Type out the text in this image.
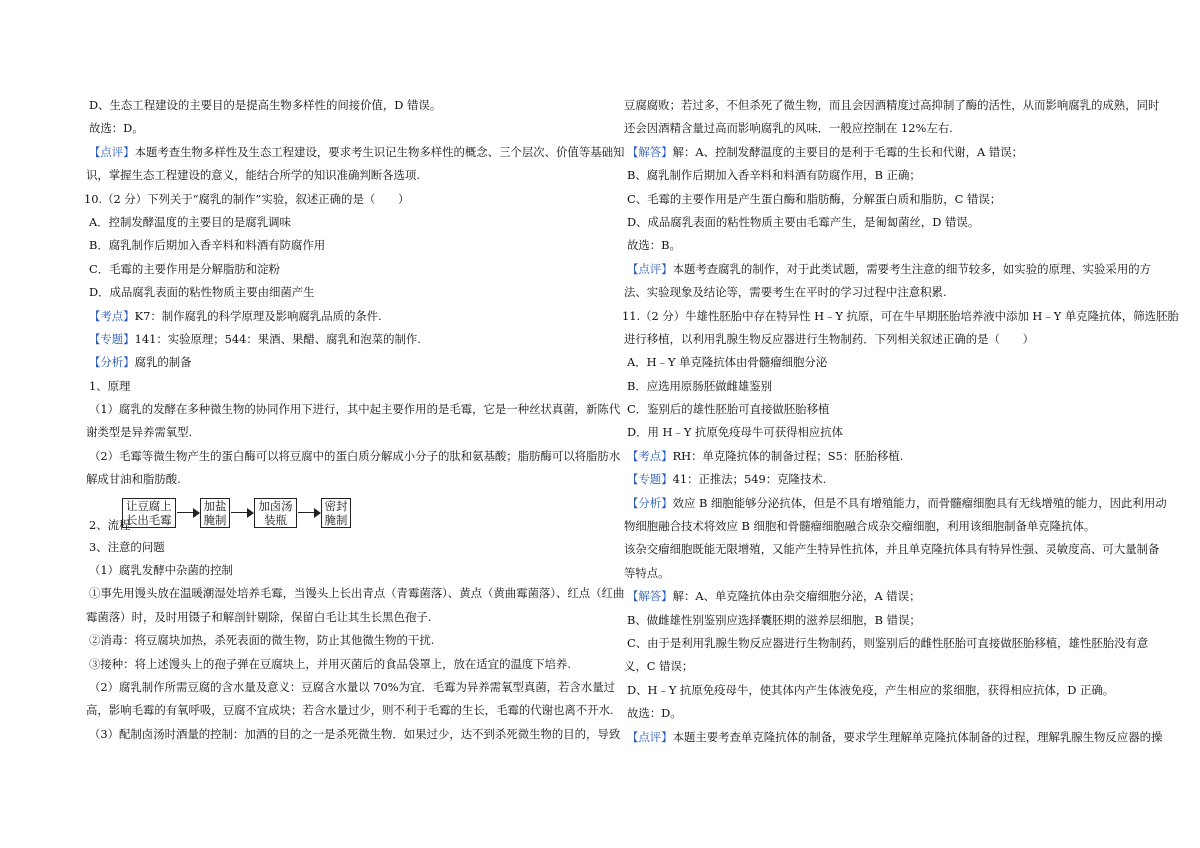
D、生态工程建设的主要目的是提高生物多样性的间接价值，D 错误。
故选：D。
【点评】本题考查生物多样性及生态工程建设，要求考生识记生物多样性的概念、三个层次、价值等基础知
识，掌握生态工程建设的意义，能结合所学的知识准确判断各选项.
10.（2 分）下列关于“腐乳的制作”实验，叙述正确的是（　　）
A．控制发酵温度的主要目的是腐乳调味
B．腐乳制作后期加入香辛料和料酒有防腐作用
C．毛霉的主要作用是分解脂肪和淀粉
D．成品腐乳表面的粘性物质主要由细菌产生
【考点】K7：制作腐乳的科学原理及影响腐乳品质的条件.
【专题】141：实验原理；544：果酒、果醋、腐乳和泡菜的制作.
【分析】腐乳的制备
1、原理
（1）腐乳的发酵在多种微生物的协同作用下进行，其中起主要作用的是毛霉，它是一种丝状真菌，新陈代
谢类型是异养需氧型.
（2）毛霉等微生物产生的蛋白酶可以将豆腐中的蛋白质分解成小分子的肽和氨基酸；脂肪酶可以将脂肪水
解成甘油和脂肪酸.
2、流程
让豆腐上
长出毛霉
加盐
腌制
加卤汤
装瓶
密封
腌制
3、注意的问题
（1）腐乳发酵中杂菌的控制
①事先用馒头放在温暖潮湿处培养毛霉，当馒头上长出青点（青霉菌落）、黄点（黄曲霉菌落）、红点（红曲
霉菌落）时，及时用镊子和解剖针剔除，保留白毛让其生长黑色孢子.
②消毒：将豆腐块加热，杀死表面的微生物，防止其他微生物的干扰.
③接种：将上述馒头上的孢子弹在豆腐块上，并用灭菌后的食品袋罩上，放在适宜的温度下培养.
（2）腐乳制作所需豆腐的含水量及意义：豆腐含水量以 70%为宜．毛霉为异养需氧型真菌，若含水量过
高，影响毛霉的有氧呼吸，豆腐不宜成块；若含水量过少，则不利于毛霉的生长，毛霉的代谢也离不开水.
（3）配制卤汤时酒量的控制：加酒的目的之一是杀死微生物．如果过少，达不到杀死微生物的目的，导致
豆腐腐败；若过多，不但杀死了微生物，而且会因酒精度过高抑制了酶的活性，从而影响腐乳的成熟，同时
还会因酒精含量过高而影响腐乳的风味．一般应控制在 12%左右.
【解答】解：A、控制发酵温度的主要目的是利于毛霉的生长和代谢，A 错误；
B、腐乳制作后期加入香辛料和料酒有防腐作用，B 正确；
C、毛霉的主要作用是产生蛋白酶和脂肪酶，分解蛋白质和脂肪，C 错误；
D、成品腐乳表面的粘性物质主要由毛霉产生，是匍匐菌丝，D 错误。
故选：B。
【点评】本题考查腐乳的制作，对于此类试题，需要考生注意的细节较多，如实验的原理、实验采用的方
法、实验现象及结论等，需要考生在平时的学习过程中注意积累.
11.（2 分）牛雄性胚胎中存在特异性 H﹣Y 抗原，可在牛早期胚胎培养液中添加 H﹣Y 单克隆抗体，筛选胚胎
进行移植，以利用乳腺生物反应器进行生物制药．下列相关叙述正确的是（　　）
A．H﹣Y 单克隆抗体由骨髓瘤细胞分泌
B．应选用原肠胚做雌雄鉴别
C．鉴别后的雄性胚胎可直接做胚胎移植
D．用 H﹣Y 抗原免疫母牛可获得相应抗体
【考点】RH：单克隆抗体的制备过程；S5：胚胎移植.
【专题】41：正推法；549：克隆技术.
【分析】效应 B 细胞能够分泌抗体，但是不具有增殖能力，而骨髓瘤细胞具有无线增殖的能力，因此利用动
物细胞融合技术将效应 B 细胞和骨髓瘤细胞融合成杂交瘤细胞，利用该细胞制备单克隆抗体。
该杂交瘤细胞既能无限增殖，又能产生特异性抗体，并且单克隆抗体具有特异性强、灵敏度高、可大量制备
等特点。
【解答】解：A、单克隆抗体由杂交瘤细胞分泌，A 错误；
B、做雌雄性别鉴别应选择囊胚期的滋养层细胞，B 错误；
C、由于是利用乳腺生物反应器进行生物制药，则鉴别后的雌性胚胎可直接做胚胎移植，雄性胚胎没有意
义，C 错误；
D、H﹣Y 抗原免疫母牛，使其体内产生体液免疫，产生相应的浆细胞，获得相应抗体，D 正确。
故选：D。
【点评】本题主要考查单克隆抗体的制备，要求学生理解单克隆抗体制备的过程，理解乳腺生物反应器的操
